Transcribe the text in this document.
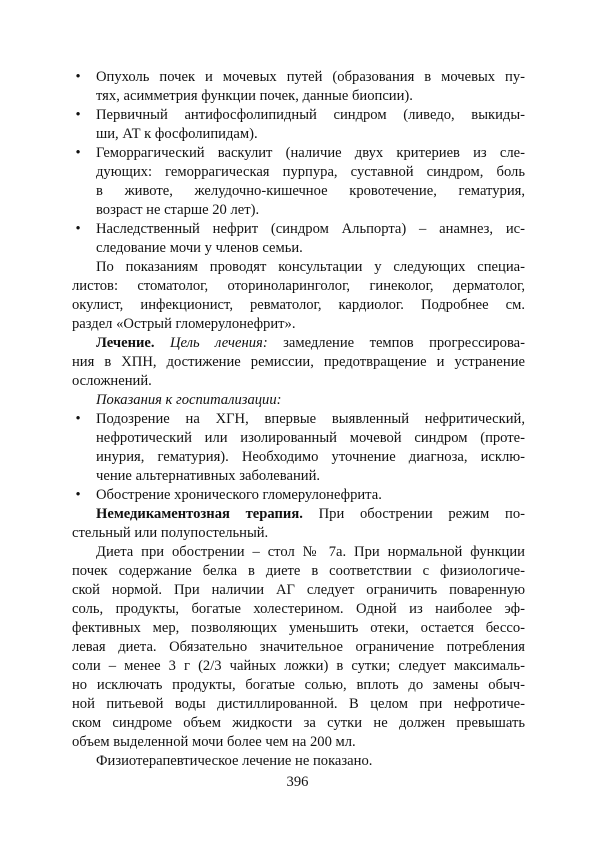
• Опухоль почек и мочевых путей (образования в мочевых пу-
тях, асимметрия функции почек, данные биопсии).
• Первичный антифосфолипидный синдром (ливедо, выкиды-
ши, АТ к фосфолипидам).
• Геморрагический васкулит (наличие двух критериев из сле-
дующих: геморрагическая пурпура, суставной синдром, боль
в животе, желудочно-кишечное кровотечение, гематурия,
возраст не старше 20 лет).
• Наследственный нефрит (синдром Альпорта) – анамнез, ис-
следование мочи у членов семьи.
По показаниям проводят консультации у следующих специа-
листов: стоматолог, оториноларинголог, гинеколог, дерматолог,
окулист, инфекционист, ревматолог, кардиолог. Подробнее см.
раздел «Острый гломерулонефрит».
Лечение. Цель лечения: замедление темпов прогрессирова-
ния в ХПН, достижение ремиссии, предотвращение и устранение
осложнений.
Показания к госпитализации:
• Подозрение на ХГН, впервые выявленный нефритический,
нефротический или изолированный мочевой синдром (проте-
инурия, гематурия). Необходимо уточнение диагноза, исклю-
чение альтернативных заболеваний.
• Обострение хронического гломерулонефрита.
Немедикаментозная терапия. При обострении режим по-
стельный или полупостельный.
Диета при обострении – стол № 7а. При нормальной функции
почек содержание белка в диете в соответствии с физиологиче-
ской нормой. При наличии АГ следует ограничить поваренную
соль, продукты, богатые холестерином. Одной из наиболее эф-
фективных мер, позволяющих уменьшить отеки, остается бессо-
левая диета. Обязательно значительное ограничение потребления
соли – менее 3 г (2/3 чайных ложки) в сутки; следует максималь-
но исключать продукты, богатые солью, вплоть до замены обыч-
ной питьевой воды дистиллированной. В целом при нефротиче-
ском синдроме объем жидкости за сутки не должен превышать
объем выделенной мочи более чем на 200 мл.
Физиотерапевтическое лечение не показано.
396
